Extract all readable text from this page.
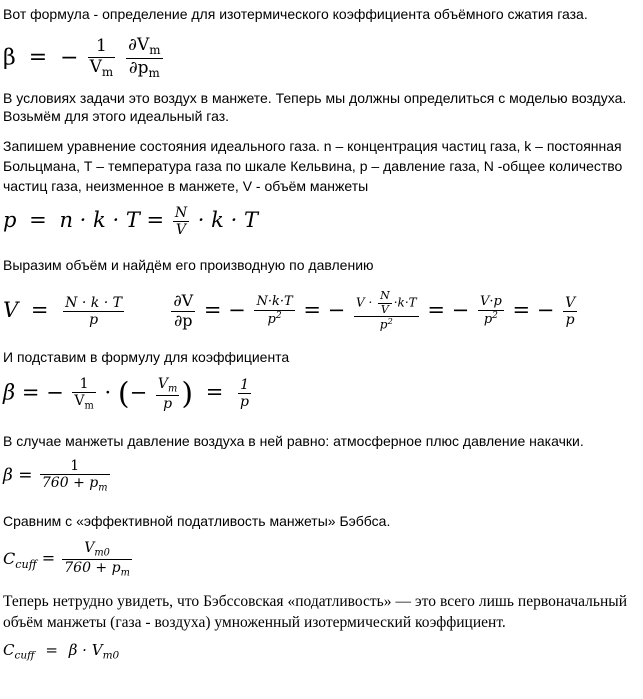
Вот формула - определение для изотермического коэффициента объёмного сжатия газа.
β = − $\frac{1}{V_m}$
$\frac{\partial V_m}{\partial p_m}$
В условиях задачи это воздух в манжете. Теперь мы должны определиться с моделью воздуха.
Возьмём для этого идеальный газ.
Запишем уравнение состояния идеального газа. n – концентрация частиц газа, k – постоянная
Больцмана, Т – температура газа по шкале Кельвина, p – давление газа, N -общее количество
частиц газа, неизменное в манжете, V - объём манжеты
$p = n \cdot k \cdot T = \frac{N}{V} \cdot k \cdot T$
Выразим объём и найдём его производную по давлению
$V = \frac{N \cdot k \cdot T}{p}$
	$\frac{\partial V}{\partial p}$ = − $\frac{N\cdot k\cdot T}{p^2}$ = − $\frac{V \cdot \frac{N}{V} \cdot k\cdot T}{p^2}$ = − $\frac{V\cdot p}{p^2}$ = − $\frac{V}{p}$
И подставим в формулу для коэффициента
β = − $\frac{1}{V_m}$ · (− $\frac{V_m}{p}$ ) = $\frac{1}{p}$
В случае манжеты давление воздуха в ней равно: атмосферное плюс давление накачки.
$\beta = \frac{1}{760 + p_m}$
Сравним с «эффективной податливость манжеты» Бэббса.
$C_{cuff} = \frac{V_{m0}}{760 + p_m}$
Теперь нетрудно увидеть, что Бэбссовская «податливость» — это всего лишь первоначальный объём манжеты (газа - воздуха) умноженный изотермический коэффициент.
$C_{cuff} = \beta \cdot V_{m0}$
